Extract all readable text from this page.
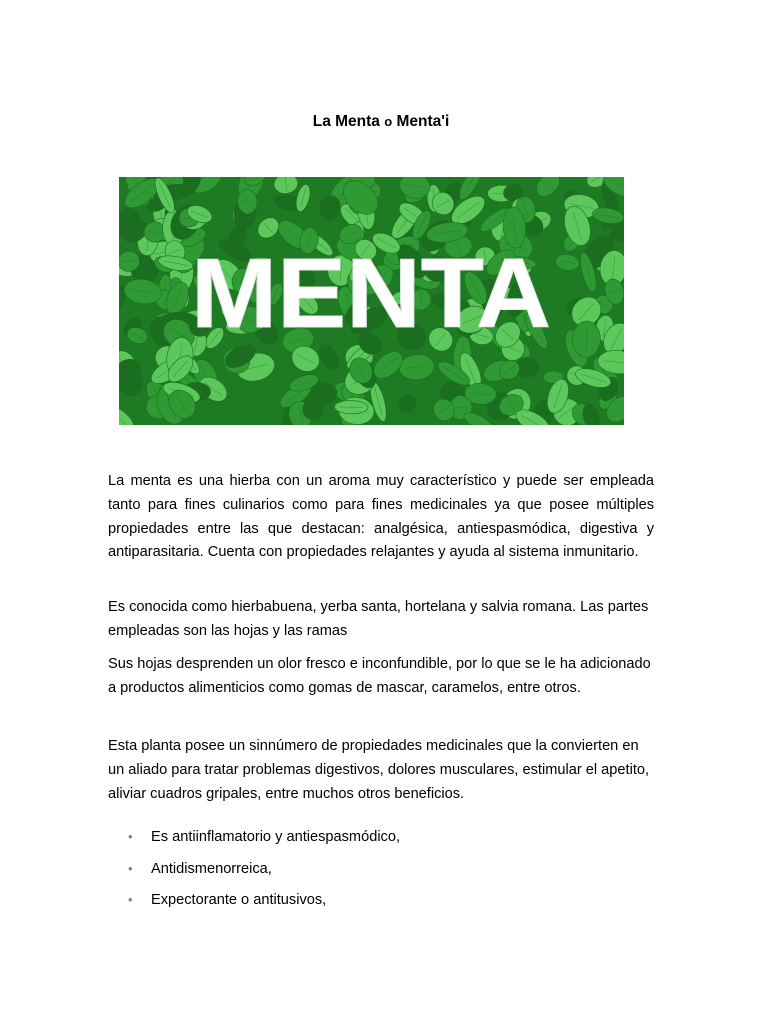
La Menta o Menta'i
MENTA

La menta es una hierba con un aroma muy característico y puede ser empleada tanto para fines culinarios como para fines medicinales ya que posee múltiples propiedades entre las que destacan: analgésica, antiespasmódica, digestiva y antiparasitaria. Cuenta con propiedades relajantes y ayuda al sistema inmunitario.

Es conocida como hierbabuena, yerba santa, hortelana y salvia romana. Las partes empleadas son las hojas y las ramas

Sus hojas desprenden un olor fresco e inconfundible, por lo que se le ha adicionado a productos alimenticios como gomas de mascar, caramelos, entre otros.

Esta planta posee un sinnúmero de propiedades medicinales que la convierten en un aliado para tratar problemas digestivos, dolores musculares, estimular el apetito, aliviar cuadros gripales, entre muchos otros beneficios.

• Es antiinflamatorio y antiespasmódico,
• Antidismenorreica,
• Expectorante o antitusivos,
